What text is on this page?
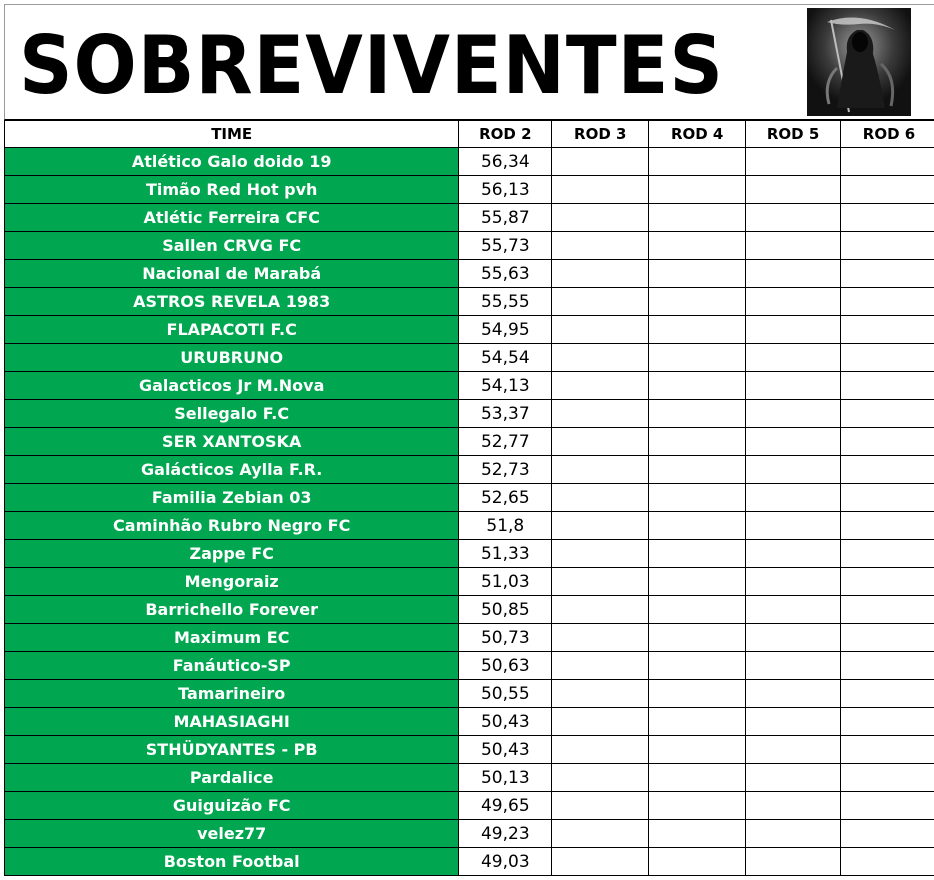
SOBREVIVENTES
TIME	ROD 2	ROD 3	ROD 4	ROD 5	ROD 6
Atlético Galo doido 19	56,34				
Timão Red Hot pvh	56,13				
Atlétic Ferreira CFC	55,87				
Sallen CRVG FC	55,73				
Nacional de Marabá	55,63				
ASTROS REVELA 1983	55,55				
FLAPACOTI F.C	54,95				
URUBRUNO	54,54				
Galacticos Jr M.Nova	54,13				
Sellegalo F.C	53,37				
SER XANTOSKA	52,77				
Galácticos Aylla F.R.	52,73				
Familia Zebian 03	52,65				
Caminhão Rubro Negro FC	51,8				
Zappe FC	51,33				
Mengoraiz	51,03				
Barrichello Forever	50,85				
Maximum EC	50,73				
Fanáutico-SP	50,63				
Tamarineiro	50,55				
MAHASIAGHI	50,43				
STHÜDYANTES - PB	50,43				
Pardalice	50,13				
Guiguizão FC	49,65				
velez77	49,23				
Boston Footbal	49,03				
